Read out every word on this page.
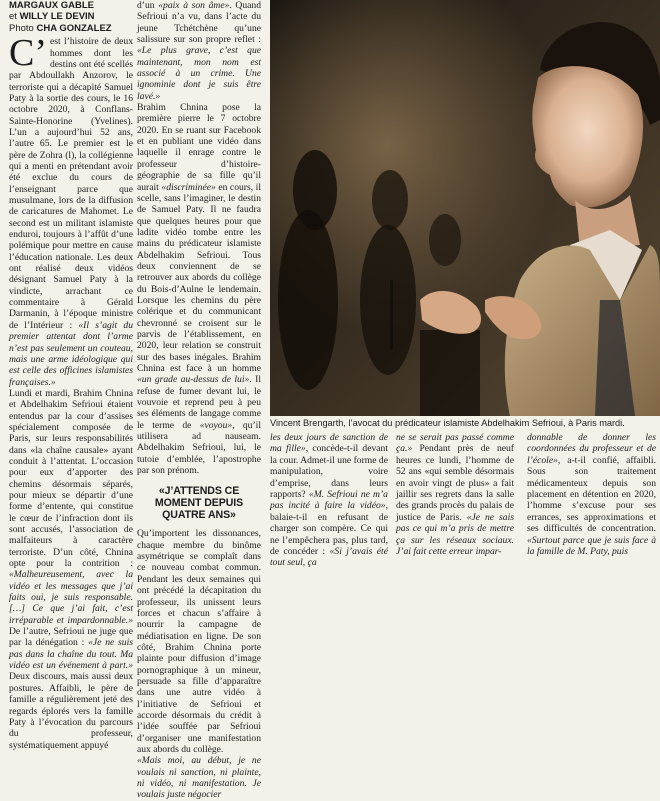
MARGAUX GABLE
et WILLY LE DEVIN
Photo CHA GONZALEZ

C’ est l’histoire de deux hommes dont les destins ont été scellés par Abdoullakh Anzorov, le terroriste qui a décapité Samuel Paty à la sortie des cours, le 16 octobre 2020, à Conflans-Sainte-Honorine (Yvelines). L’un a aujourd’hui 52 ans, l’autre 65. Le premier est le père de Zohra (l), la collégienne qui a menti en prétendant avoir été exclue du cours de l’enseignant parce que musulmane, lors de la diffusion de caricatures de Mahomet. Le second est un militant islamiste enduroi, toujours à l’affût d’une polémique pour mettre en cause l’éducation nationale. Les deux ont réalisé deux vidéos désignant Samuel Paty à la vindicte, arrachant ce commentaire à Gérald Darmanin, à l’époque ministre de l’Intérieur : «Il s’agit du premier attentat dont l’arme n’est pas seulement un couteau, mais une arme idéologique qui est celle des officines islamistes françaises.»

Lundi et mardi, Brahim Chnina et Abdelhakim Sefrioui étaient entendus par la cour d’assises spécialement composée de Paris, sur leurs responsabilités dans «la chaîne causale» ayant conduit à l’attentat. L’occasion pour eux d’apporter des chemins désormais séparés, pour mieux se départir d’une forme d’entente, qui constitue le cœur de l’infraction dont ils sont accusés, l’association de malfaiteurs à caractère terroriste. D’un côté, Chnina opte pour la contrition : «Malheureusement, avec la vidéo et les messages que j’ai faits oui, je suis responsable. […] Ce que j’ai fait, c’est irréparable et impardonnable.» De l’autre, Sefrioui ne juge que par la dénégation : «Je ne suis pas dans la chaîne du tout. Ma vidéo est un événement à part.» Deux discours, mais aussi deux postures. Affaibli, le père de famille a régulièrement jeté des regards éplorés vers la famille Paty à l’évocation du parcours du professeur, systématiquement appuyé

d’un «paix à son âme». Quand Sefrioui n’a vu, dans l’acte du jeune Tchétchène qu’une salissure sur son propre reflet : «Le plus grave, c’est que maintenant, mon nom est associé à un crime. Une ignominie dont je suis être lavé.»

Brahim Chnina pose la première pierre le 7 octobre 2020. En se ruant sur Facebook et en publiant une vidéo dans laquelle il enrage contre le professeur d’histoire-géographie de sa fille qu’il aurait «discriminée» en cours, il scelle, sans l’imaginer, le destin de Samuel Paty. Il ne faudra que quelques heures pour que ladite vidéo tombe entre les mains du prédicateur islamiste Abdelhakim Sefrioui. Tous deux conviennent de se retrouver aux abords du collège du Bois-d’Aulne le lendemain. Lorsque les chemins du père colérique et du communicant chevronné se croisent sur le parvis de l’établissement, en 2020, leur relation se construit sur des bases inégales. Brahim Chnina est face à un homme «un grade au-dessus de lui». Il refuse de fumer devant lui, le vouvoie et reprend peu à peu ses éléments de langage comme le terme de «voyou», qu’il utilisera ad nauseam. Abdelhakim Sefrioui, lui, le tutoie d’emblée, l’apostrophe par son prénom.

«J’ATTENDS CE MOMENT DEPUIS QUATRE ANS»

Qu’importent les dissonances, chaque membre du binôme asymétrique se complaît dans ce nouveau combat commun. Pendant les deux semaines qui ont précédé la décapitation du professeur, ils unissent leurs forces et chacun s’affaire à nourrir la campagne de médiatisation en ligne. De son côté, Brahim Chnina porte plainte pour diffusion d’image pornographique à un mineur, persuade sa fille d’apparaître dans une autre vidéo à l’initiative de Sefrioui et accorde désormais du crédit à l’idée souffée par Sefrioui d’organiser une manifestation aux abords du collège.

«Mais moi, au début, je ne voulais ni sanction, ni plainte, ni vidéo, ni manifestation. Je voulais juste négocier

Vincent Brengarth, l’avocat du prédicateur islamiste Abdelhakim Sefrioui, à Paris mardi.

les deux jours de sanction de ma fille», concède-t-il devant la cour. Admet-il une forme de manipulation, voire d’emprise, dans leurs rapports? «M. Sefrioui ne m’a pas incité à faire la vidéo», balaie-t-il en refusant de charger son compère. Ce qui ne l’empêchera pas, plus tard, de concéder : «Si j’avais été tout seul, ça

ne se serait pas passé comme ça.» Pendant près de neuf heures ce lundi, l’homme de 52 ans «qui semble désormais en avoir vingt de plus» a fait jaillir ses regrets dans la salle des grands procès du palais de justice de Paris. «Je ne sais pas ce qui m’a pris de mettre ça sur les réseaux sociaux. J’ai fait cette erreur impar-

donnable de donner les coordonnées du professeur et de l’école», a-t-il confié, affaibli. Sous son traitement médicamenteux depuis son placement en détention en 2020, l’homme s’excuse pour ses errances, ses approximations et ses difficultés de concentration. «Surtout parce que je suis face à la famille de M. Paty, puis
